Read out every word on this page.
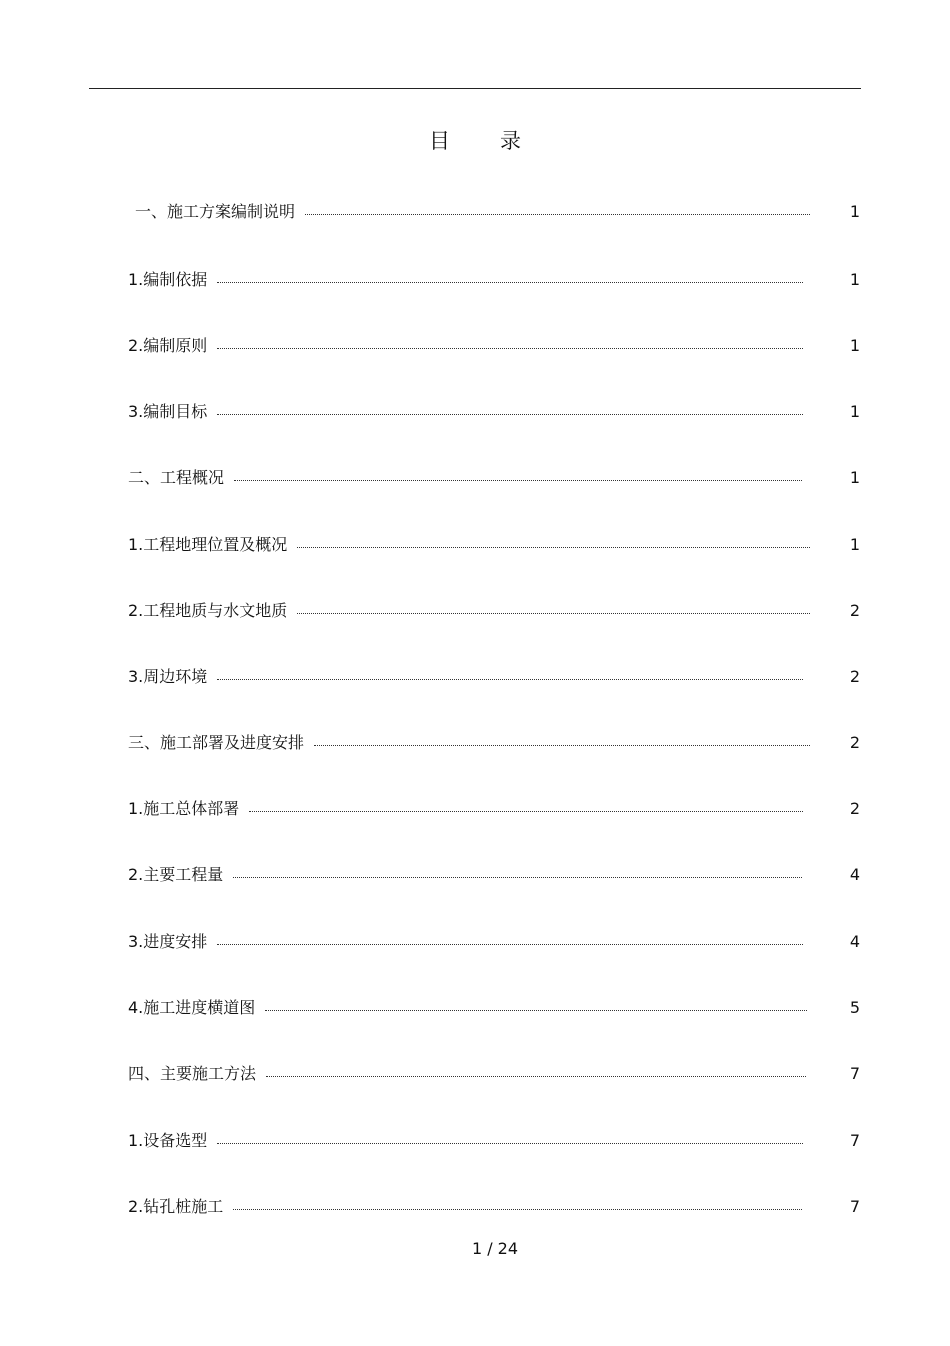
目录
一、施工方案编制说明	1
1.编制依据	1
2.编制原则	1
3.编制目标	1
二、工程概况	1
1.工程地理位置及概况	1
2.工程地质与水文地质	2
3.周边环境	2
三、施工部署及进度安排	2
1.施工总体部署	2
2.主要工程量	4
3.进度安排	4
4.施工进度横道图	5
四、主要施工方法	7
1.设备选型	7
2.钻孔桩施工	7
1 / 24
